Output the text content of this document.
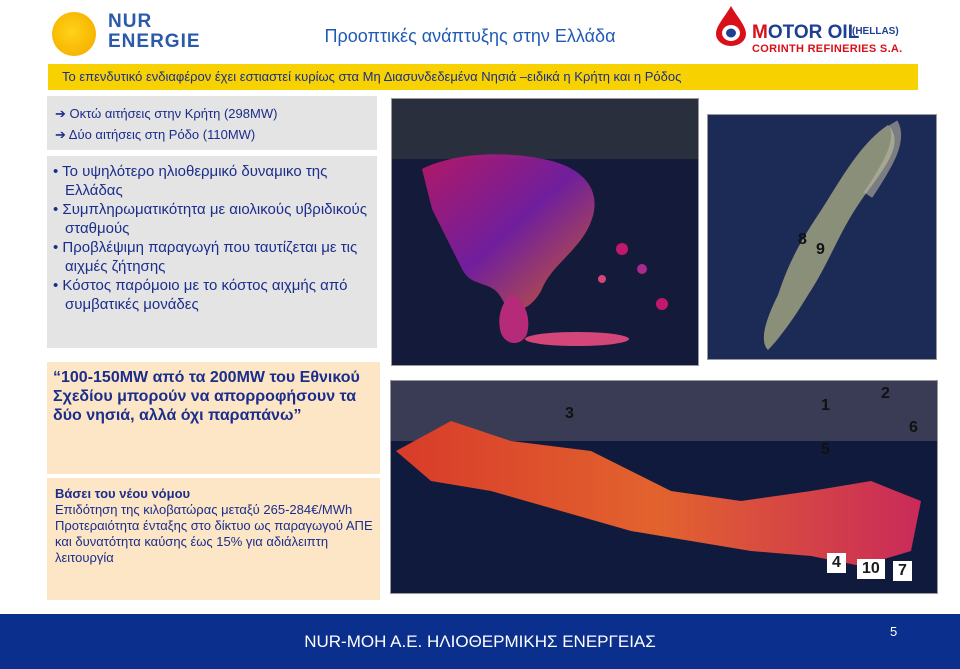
NUR
ENERGIE	Προοπτικές ανάπτυξης στην Ελλάδα	MOTOR OIL
(HELLAS)
CORINTH REFINERIES S.A.
Το επενδυτικό ενδιαφέρον έχει εστιαστεί κυρίως στα Μη Διασυνδεδεμένα Νησιά –ειδικά η Κρήτη και η Ρόδος
➔ Οκτώ αιτήσεις στην Κρήτη (298MW)
➔ Δύο αιτήσεις στη Ρόδο (110MW)

• Το υψηλότερο ηλιοθερμικό δυναμικο της Ελλάδας

• Συμπληρωματικότητα με αιολικούς υβριδικούς σταθμούς

• Προβλέψιμη παραγωγή που ταυτίζεται με τις αιχμές ζήτησης

• Κόστος παρόμοιο με το κόστος αιχμής από συμβατικές μονάδες

“100-150MW από τα 200MW του Εθνικού Σχεδίου μπορούν να απορροφήσουν τα δύο νησιά, αλλά όχι παραπάνω”
Βάσει του νέου νόμου
Επιδότηση της κιλοβατώρας μεταξύ 265-284€/MWh Προτεραιότητα ένταξης στο δίκτυο ως παραγωγού ΑΠΕ και δυνατότητα καύσης έως 15% για αδιάλειπτη λειτουργία
8
9
3	1
2
6
5
4	10	7
NUR-MOH A.E. ΗΛΙΟΘΕΡΜΙΚΗΣ ΕΝΕΡΓΕΙΑΣ
5
